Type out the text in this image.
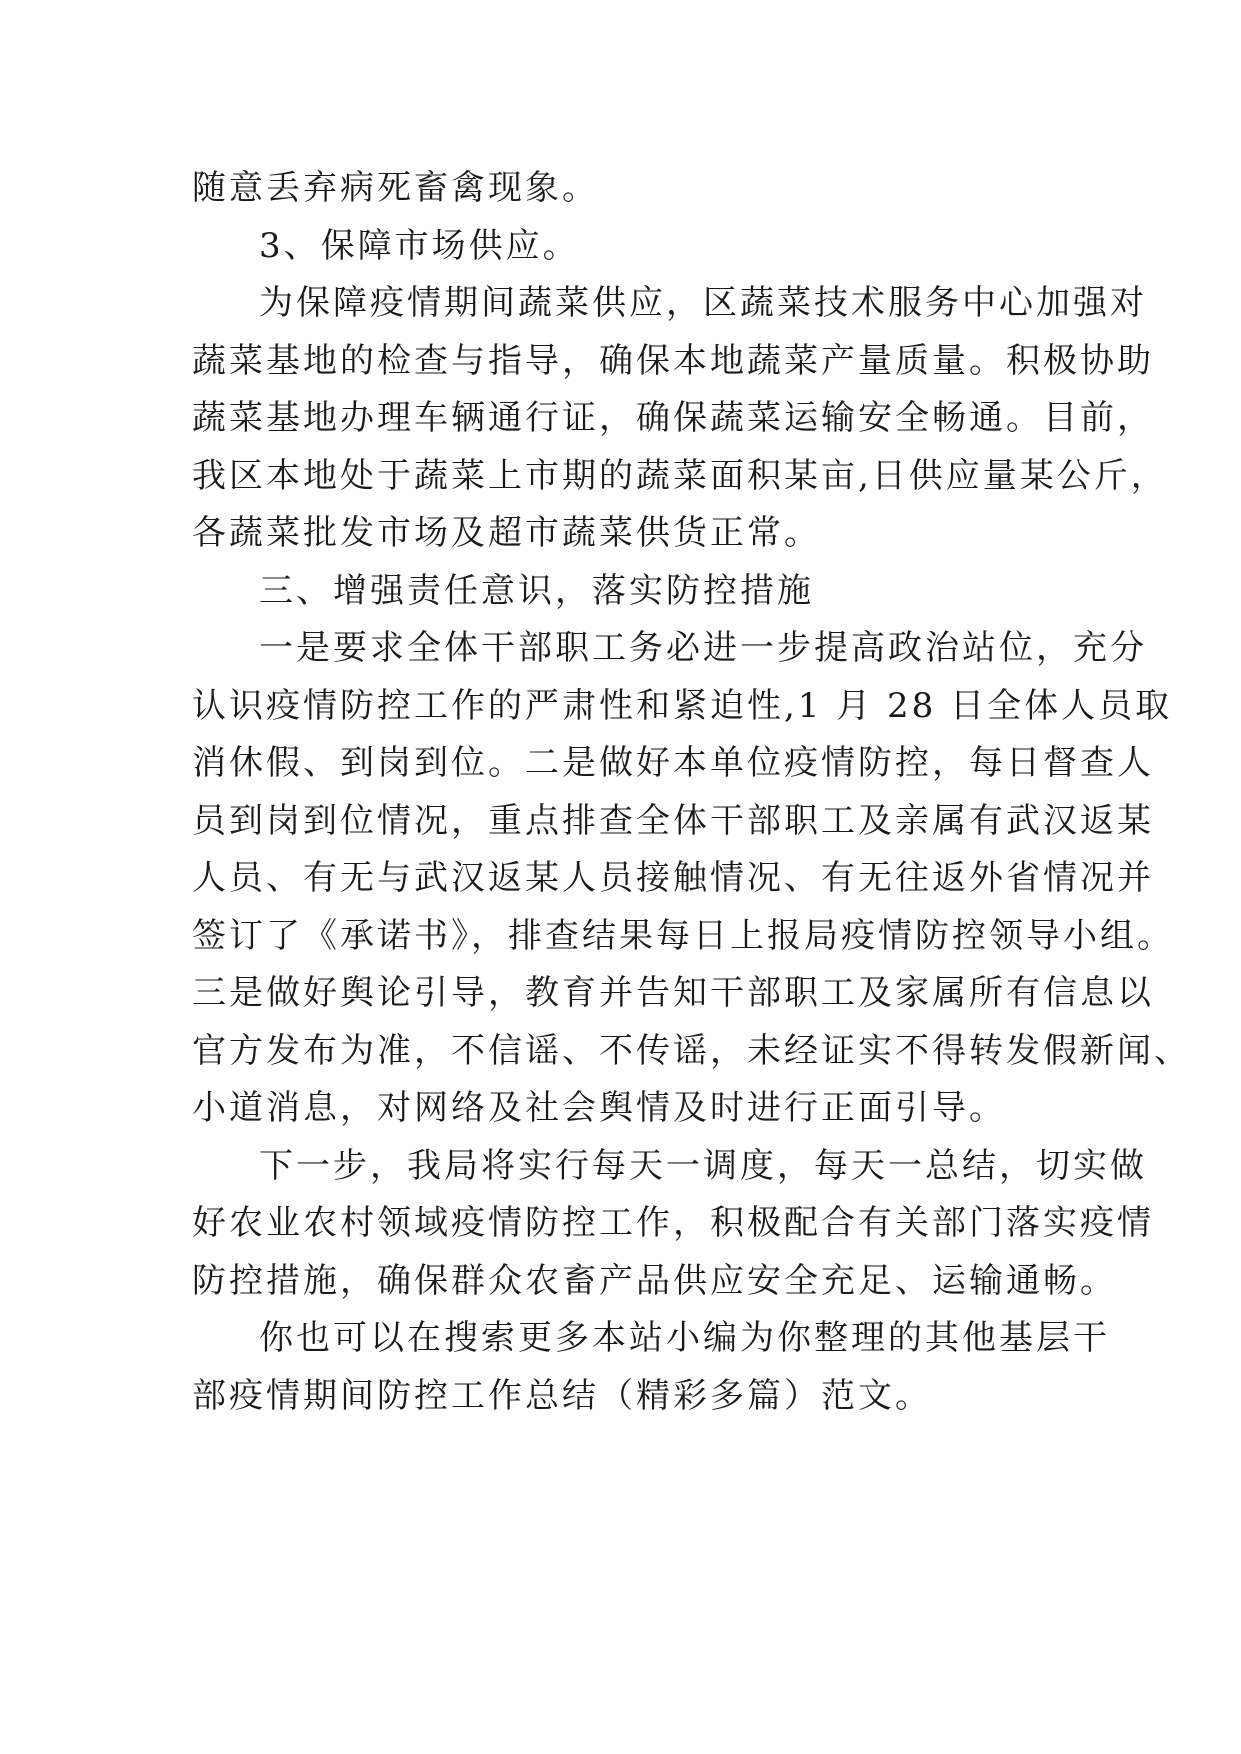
随意丢弃病死畜禽现象。
3、保障市场供应。
为保障疫情期间蔬菜供应，区蔬菜技术服务中心加强对
蔬菜基地的检查与指导，确保本地蔬菜产量质量。积极协助
蔬菜基地办理车辆通行证，确保蔬菜运输安全畅通。目前，
我区本地处于蔬菜上市期的蔬菜面积某亩,日供应量某公斤，
各蔬菜批发市场及超市蔬菜供货正常。
三、增强责任意识，落实防控措施
一是要求全体干部职工务必进一步提高政治站位，充分
认识疫情防控工作的严肃性和紧迫性,1 月 28 日全体人员取
消休假、到岗到位。二是做好本单位疫情防控，每日督查人
员到岗到位情况，重点排查全体干部职工及亲属有武汉返某
人员、有无与武汉返某人员接触情况、有无往返外省情况并
签订了《承诺书》，排查结果每日上报局疫情防控领导小组。
三是做好舆论引导，教育并告知干部职工及家属所有信息以
官方发布为准，不信谣、不传谣，未经证实不得转发假新闻、
小道消息，对网络及社会舆情及时进行正面引导。
下一步，我局将实行每天一调度，每天一总结，切实做
好农业农村领域疫情防控工作，积极配合有关部门落实疫情
防控措施，确保群众农畜产品供应安全充足、运输通畅。
你也可以在搜索更多本站小编为你整理的其他基层干
部疫情期间防控工作总结（精彩多篇）范文。
